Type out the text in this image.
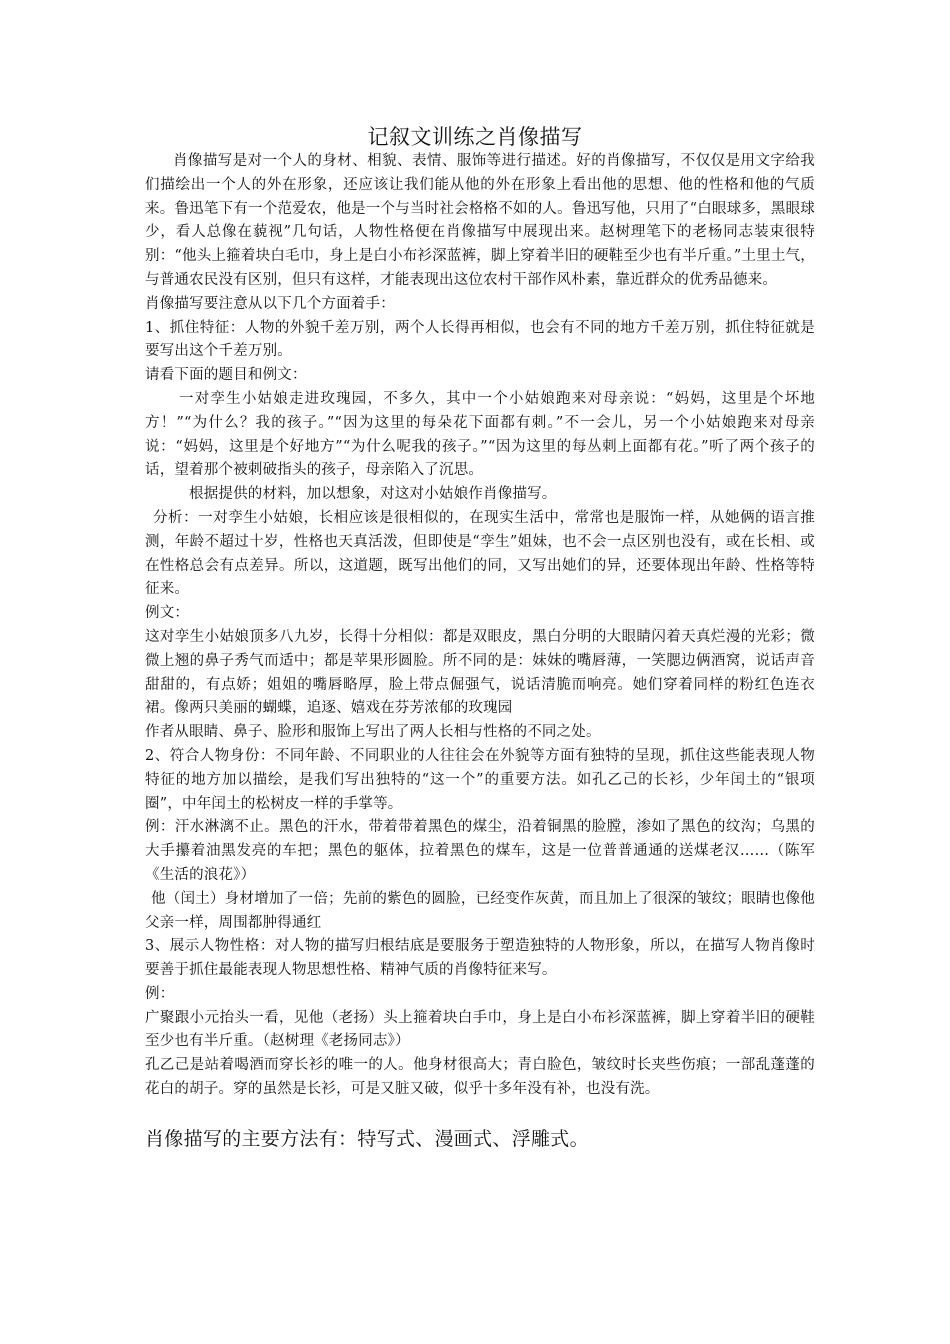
记叙文训练之肖像描写

肖像描写是对一个人的身材、相貌、表情、服饰等进行描述。好的肖像描写，不仅仅是用文字给我们描绘出一个人的外在形象，还应该让我们能从他的外在形象上看出他的思想、他的性格和他的气质来。鲁迅笔下有一个范爱农，他是一个与当时社会格格不如的人。鲁迅写他，只用了“白眼球多，黑眼球少，看人总像在藐视”几句话，人物性格便在肖像描写中展现出来。赵树理笔下的老杨同志装束很特别：“他头上箍着块白毛巾，身上是白小布衫深蓝裤，脚上穿着半旧的硬鞋至少也有半斤重。”土里土气，与普通农民没有区别，但只有这样，才能表现出这位农村干部作风朴素，靠近群众的优秀品德来。

肖像描写要注意从以下几个方面着手：

1、抓住特征：人物的外貌千差万别，两个人长得再相似，也会有不同的地方千差万别，抓住特征就是要写出这个千差万别。

请看下面的题目和例文：

一对孪生小姑娘走进玫瑰园，不多久，其中一个小姑娘跑来对母亲说：“妈妈，这里是个坏地方！”“为什么？我的孩子。”“因为这里的每朵花下面都有刺。”不一会儿，另一个小姑娘跑来对母亲说：“妈妈，这里是个好地方”“为什么呢我的孩子。”“因为这里的每丛刺上面都有花。”听了两个孩子的话，望着那个被刺破指头的孩子，母亲陷入了沉思。

根据提供的材料，加以想象，对这对小姑娘作肖像描写。

分析：一对孪生小姑娘，长相应该是很相似的，在现实生活中，常常也是服饰一样，从她俩的语言推测，年龄不超过十岁，性格也天真活泼，但即使是“孪生”姐妹，也不会一点区别也没有，或在长相、或在性格总会有点差异。所以，这道题，既写出他们的同，又写出她们的异，还要体现出年龄、性格等特征来。

例文：

这对孪生小姑娘顶多八九岁，长得十分相似：都是双眼皮，黑白分明的大眼睛闪着天真烂漫的光彩；微微上翘的鼻子秀气而适中；都是苹果形圆脸。所不同的是：妹妹的嘴唇薄，一笑腮边俩酒窝，说话声音甜甜的，有点娇；姐姐的嘴唇略厚，脸上带点倔强气，说话清脆而响亮。她们穿着同样的粉红色连衣裙。像两只美丽的蝴蝶，追逐、嬉戏在芬芳浓郁的玫瑰园

作者从眼睛、鼻子、脸形和服饰上写出了两人长相与性格的不同之处。

2、符合人物身份：不同年龄、不同职业的人往往会在外貌等方面有独特的呈现，抓住这些能表现人物特征的地方加以描绘，是我们写出独特的“这一个”的重要方法。如孔乙己的长衫，少年闰土的“银项圈”，中年闰土的松树皮一样的手掌等。

例：汗水淋漓不止。黑色的汗水，带着带着黑色的煤尘，沿着铜黑的脸膛，渗如了黑色的纹沟；乌黑的大手攥着油黑发亮的车把；黑色的躯体，拉着黑色的煤车，这是一位普普通通的送煤老汉……（陈军《生活的浪花》）

他（闰土）身材增加了一倍；先前的紫色的圆脸，已经变作灰黄，而且加上了很深的皱纹；眼睛也像他父亲一样，周围都肿得通红

3、展示人物性格：对人物的描写归根结底是要服务于塑造独特的人物形象，所以，在描写人物肖像时要善于抓住最能表现人物思想性格、精神气质的肖像特征来写。

例：

广聚跟小元抬头一看，见他（老扬）头上箍着块白手巾，身上是白小布衫深蓝裤，脚上穿着半旧的硬鞋至少也有半斤重。（赵树理《老扬同志》）

孔乙己是站着喝酒而穿长衫的唯一的人。他身材很高大；青白脸色，皱纹时长夹些伤痕；一部乱蓬蓬的花白的胡子。穿的虽然是长衫，可是又脏又破，似乎十多年没有补，也没有洗。

肖像描写的主要方法有：特写式、漫画式、浮雕式。
